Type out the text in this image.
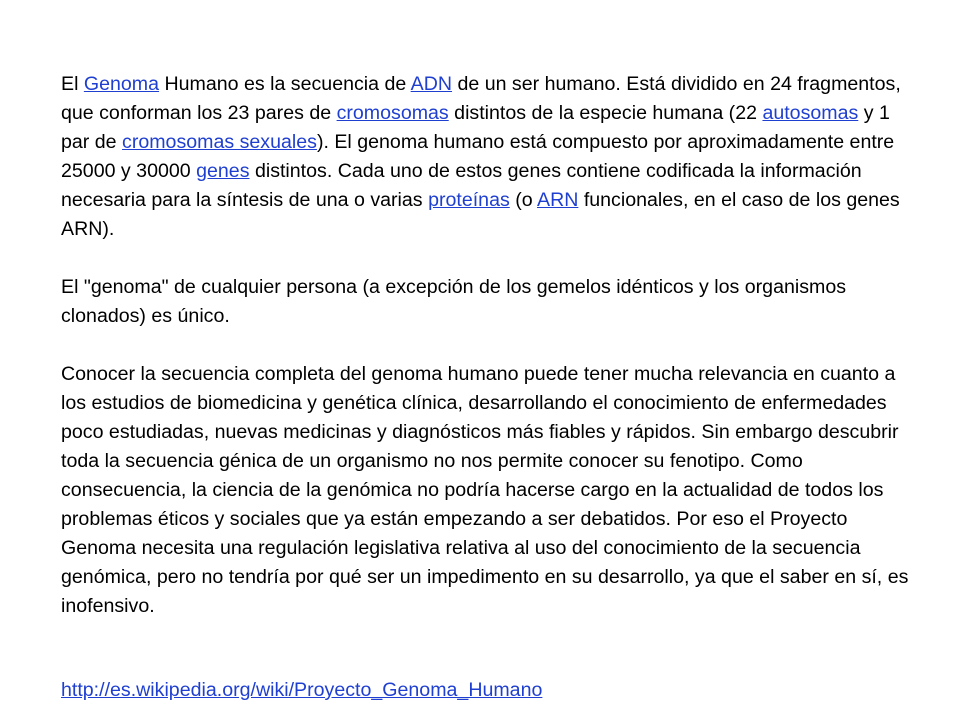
El Genoma Humano es la secuencia de ADN de un ser humano. Está dividido en 24 fragmentos, que conforman los 23 pares de cromosomas distintos de la especie humana (22 autosomas y 1 par de cromosomas sexuales). El genoma humano está compuesto por aproximadamente entre 25000 y 30000 genes distintos. Cada uno de estos genes contiene codificada la información necesaria para la síntesis de una o varias proteínas (o ARN funcionales, en el caso de los genes ARN).

El "genoma" de cualquier persona (a excepción de los gemelos idénticos y los organismos clonados) es único.

Conocer la secuencia completa del genoma humano puede tener mucha relevancia en cuanto a los estudios de biomedicina y genética clínica, desarrollando el conocimiento de enfermedades poco estudiadas, nuevas medicinas y diagnósticos más fiables y rápidos. Sin embargo descubrir toda la secuencia génica de un organismo no nos permite conocer su fenotipo. Como consecuencia, la ciencia de la genómica no podría hacerse cargo en la actualidad de todos los problemas éticos y sociales que ya están empezando a ser debatidos. Por eso el Proyecto Genoma necesita una regulación legislativa relativa al uso del conocimiento de la secuencia genómica, pero no tendría por qué ser un impedimento en su desarrollo, ya que el saber en sí, es inofensivo.

http://es.wikipedia.org/wiki/Proyecto_Genoma_Humano
